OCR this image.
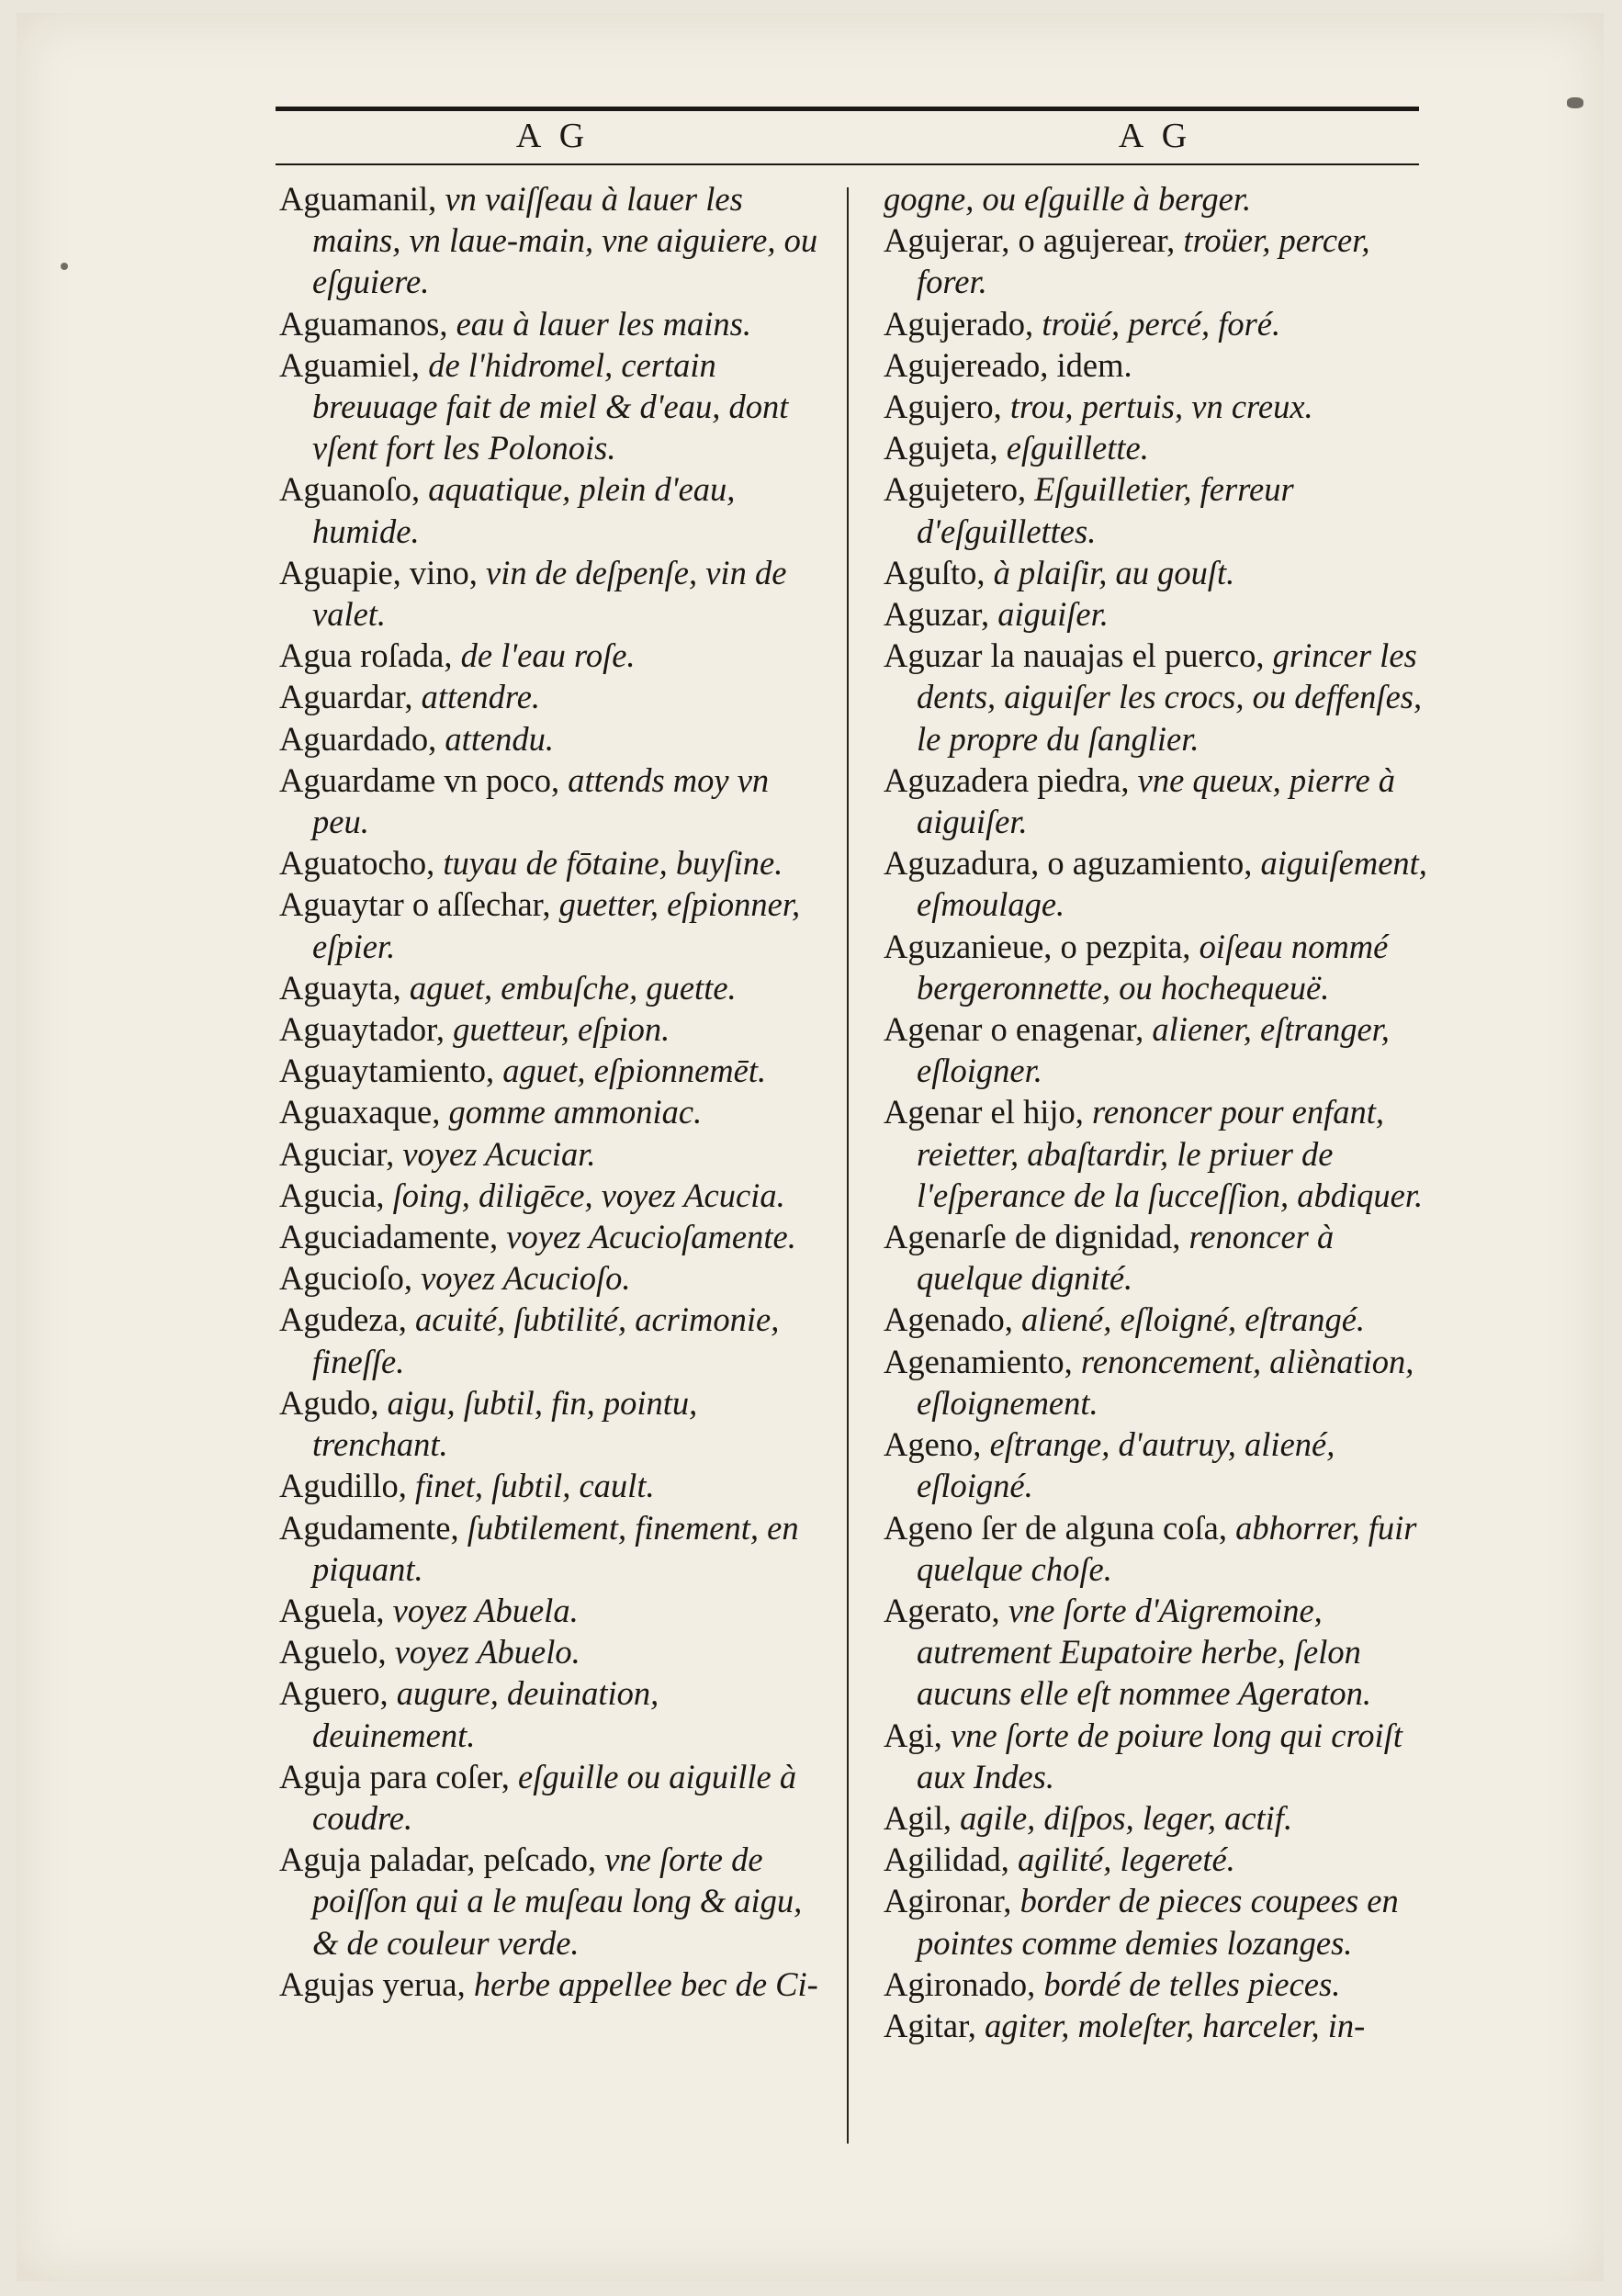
A G	A G
Aguamanil, vn vaiſſeau à lauer les mains, vn laue-main, vne aiguiere, ou eſguiere.
Aguamanos, eau à lauer les mains.
Aguamiel, de l'hidromel, certain breuuage fait de miel & d'eau, dont vſent fort les Polonois.
Aguanoſo, aquatique, plein d'eau, humide.
Aguapie, vino, vin de deſpenſe, vin de valet.
Agua roſada, de l'eau roſe.
Aguardar, attendre.
Aguardado, attendu.
Aguardame vn poco, attends moy vn peu.
Aguatocho, tuyau de fōtaine, buyſine.
Aguaytar o aſſechar, guetter, eſpionner, eſpier.
Aguayta, aguet, embuſche, guette.
Aguaytador, guetteur, eſpion.
Aguaytamiento, aguet, eſpionnemēt.
Aguaxaque, gomme ammoniac.
Aguciar, voyez Acuciar.
Agucia, ſoing, diligēce, voyez Acucia.
Aguciadamente, voyez Acucioſamente.
Agucioſo, voyez Acucioſo.
Agudeza, acuité, ſubtilité, acrimonie, fineſſe.
Agudo, aigu, ſubtil, fin, pointu, trenchant.
Agudillo, finet, ſubtil, cault.
Agudamente, ſubtilement, finement, en piquant.
Aguela, voyez Abuela.
Aguelo, voyez Abuelo.
Aguero, augure, deuination, deuinement.
Aguja para coſer, eſguille ou aiguille à coudre.
Aguja paladar, peſcado, vne ſorte de poiſſon qui a le muſeau long & aigu, & de couleur verde.
Agujas yerua, herbe appellee bec de Ci-
gogne, ou eſguille à berger.
Agujerar, o agujerear, troüer, percer, forer.
Agujerado, troüé, percé, foré.
Agujereado, idem.
Agujero, trou, pertuis, vn creux.
Agujeta, eſguillette.
Agujetero, Eſguilletier, ferreur d'eſguillettes.
Aguſto, à plaiſir, au gouſt.
Aguzar, aiguiſer.
Aguzar la nauajas el puerco, grincer les dents, aiguiſer les crocs, ou deffenſes, le propre du ſanglier.
Aguzadera piedra, vne queux, pierre à aiguiſer.
Aguzadura, o aguzamiento, aiguiſement, eſmoulage.
Aguzanieue, o pezpita, oiſeau nommé bergeronnette, ou hochequeuë.
Agenar o enagenar, aliener, eſtranger, eſloigner.
Agenar el hijo, renoncer pour enfant, reietter, abaſtardir, le priuer de l'eſperance de la ſucceſſion, abdiquer.
Agenarſe de dignidad, renoncer à quelque dignité.
Agenado, aliené, eſloigné, eſtrangé.
Agenamiento, renoncement, aliènation, eſloignement.
Ageno, eſtrange, d'autruy, aliené, eſloigné.
Ageno ſer de alguna coſa, abhorrer, fuir quelque choſe.
Agerato, vne ſorte d'Aigremoine, autrement Eupatoire herbe, ſelon aucuns elle eſt nommee Ageraton.
Agi, vne ſorte de poiure long qui croiſt aux Indes.
Agil, agile, diſpos, leger, actif.
Agilidad, agilité, legereté.
Agironar, border de pieces coupees en pointes comme demies lozanges.
Agironado, bordé de telles pieces.
Agitar, agiter, moleſter, harceler, in-
